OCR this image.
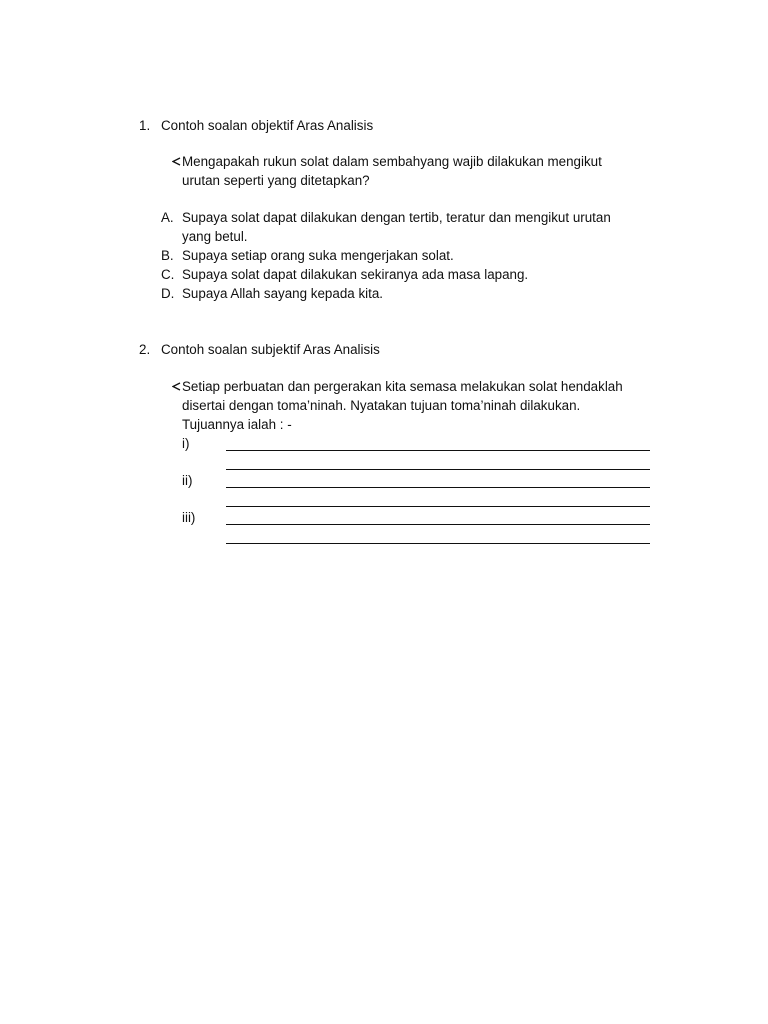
1. Contoh soalan objektif Aras Analisis
Mengapakah rukun solat dalam sembahyang wajib dilakukan mengikut
urutan seperti yang ditetapkan?
A. Supaya solat dapat dilakukan dengan tertib, teratur dan mengikut urutan
yang betul.
B. Supaya setiap orang suka mengerjakan solat.
C. Supaya solat dapat dilakukan sekiranya ada masa lapang.
D. Supaya Allah sayang kepada kita.
2. Contoh soalan subjektif Aras Analisis
Setiap perbuatan dan pergerakan kita semasa melakukan solat hendaklah
disertai dengan toma’ninah. Nyatakan tujuan toma’ninah dilakukan.
Tujuannya ialah : -
i)
ii)
iii)
